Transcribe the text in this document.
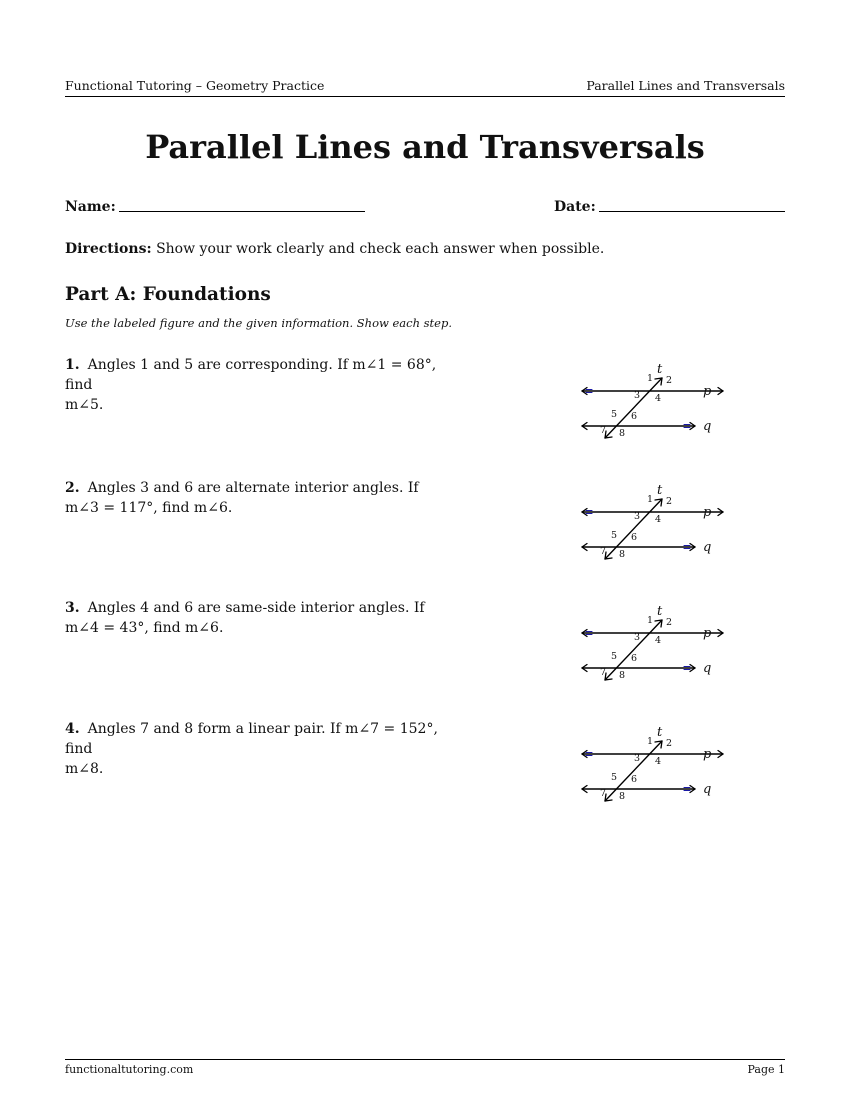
Functional Tutoring – Geometry Practice	Parallel Lines and Transversals
Parallel Lines and Transversals
Name:	Date:
Directions: Show your work clearly and check each answer when possible.
Part A: Foundations
Use the labeled figure and the given information. Show each step.
1. Angles 1 and 5 are corresponding. If m∠1 = 68°, find
m∠5.
2. Angles 3 and 6 are alternate interior angles. If
m∠3 = 117°, find m∠6.
3. Angles 4 and 6 are same-side interior angles. If
m∠4 = 43°, find m∠6.
4. Angles 7 and 8 form a linear pair. If m∠7 = 152°, find
m∠8.
t
p
q
1 2
3 4
5 6
7 8
t
p
q
1 2
3 4
5 6
7 8
t
p
q
1 2
3 4
5 6
7 8
t
p
q
1 2
3 4
5 6
7 8
functionaltutoring.com	Page 1
